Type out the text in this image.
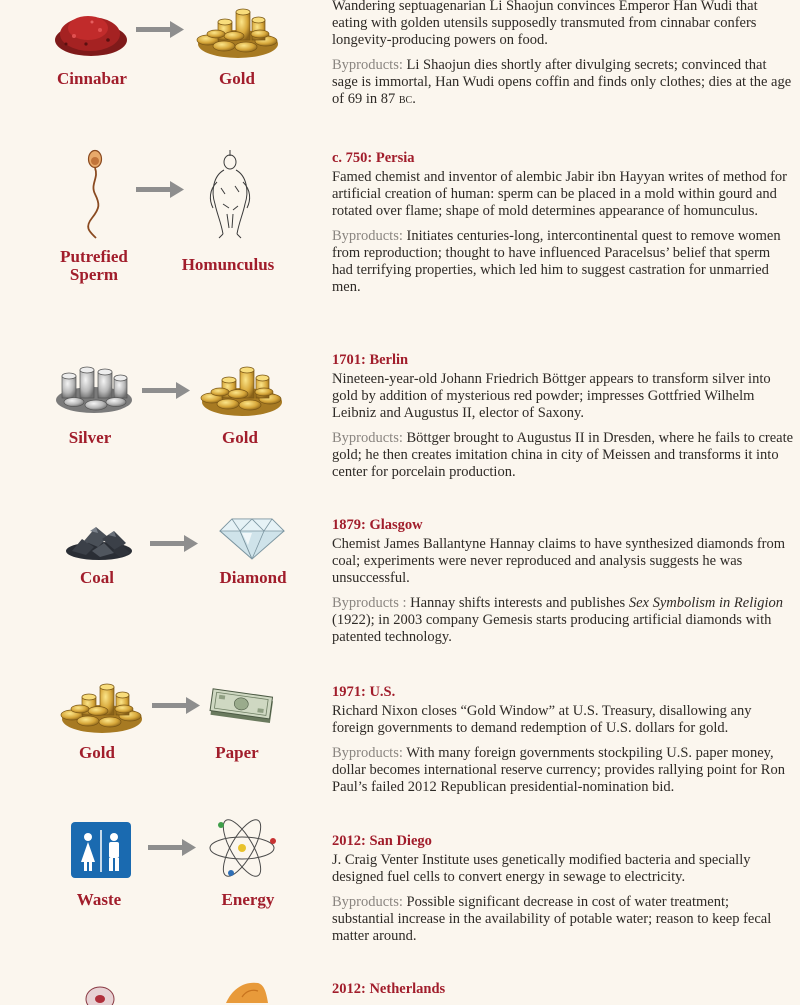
Cinnabar	Gold

Wandering septuagenarian Li Shaojun convinces Emperor Han Wudi that eating with golden utensils supposedly transmuted from cinnabar confers longevity-producing powers on food.

Byproducts: Li Shaojun dies shortly after divulging secrets; convinced that sage is immortal, Han Wudi opens coffin and finds only clothes; dies at the age of 69 in 87 bc.

Putrefied Sperm
Homunculus

c. 750: Persia

Famed chemist and inventor of alembic Jabir ibn Hayyan writes of method for artificial creation of human: sperm can be placed in a mold within gourd and rotated over flame; shape of mold determines appearance of homunculus.

Byproducts: Initiates centuries-long, intercontinental quest to remove women from reproduction; thought to have influenced Paracelsus’ belief that sperm had terrifying properties, which led him to suggest castration for unmarried men.

Silver	Gold

1701: Berlin

Nineteen-year-old Johann Friedrich Böttger appears to transform silver into gold by addition of mysterious red powder; impresses Gottfried Wilhelm Leibniz and Augustus II, elector of Saxony.

Byproducts: Böttger brought to Augustus II in Dresden, where he fails to create gold; he then creates imitation china in city of Meissen and transforms it into center for porcelain production.

Coal	Diamond

1879: Glasgow

Chemist James Ballantyne Hannay claims to have synthesized diamonds from coal; experiments were never reproduced and analysis suggests he was unsuccessful.

Byproducts : Hannay shifts interests and publishes Sex Symbolism in Religion (1922); in 2003 company Gemesis starts producing artificial diamonds with patented technology.

Gold	Paper

1971: U.S.

Richard Nixon closes “Gold Window” at U.S. Treasury, disallowing any foreign governments to demand redemption of U.S. dollars for gold.

Byproducts: With many foreign governments stockpiling U.S. paper money, dollar becomes international reserve currency; provides rallying point for Ron Paul’s failed 2012 Republican presidential-nomination bid.

Waste	Energy

2012: San Diego

J. Craig Venter Institute uses genetically modified bacteria and specially designed fuel cells to convert energy in sewage to electricity.

Byproducts: Possible significant decrease in cost of water treatment; substantial increase in the availability of potable water; reason to keep fecal matter around.

2012: Netherlands
